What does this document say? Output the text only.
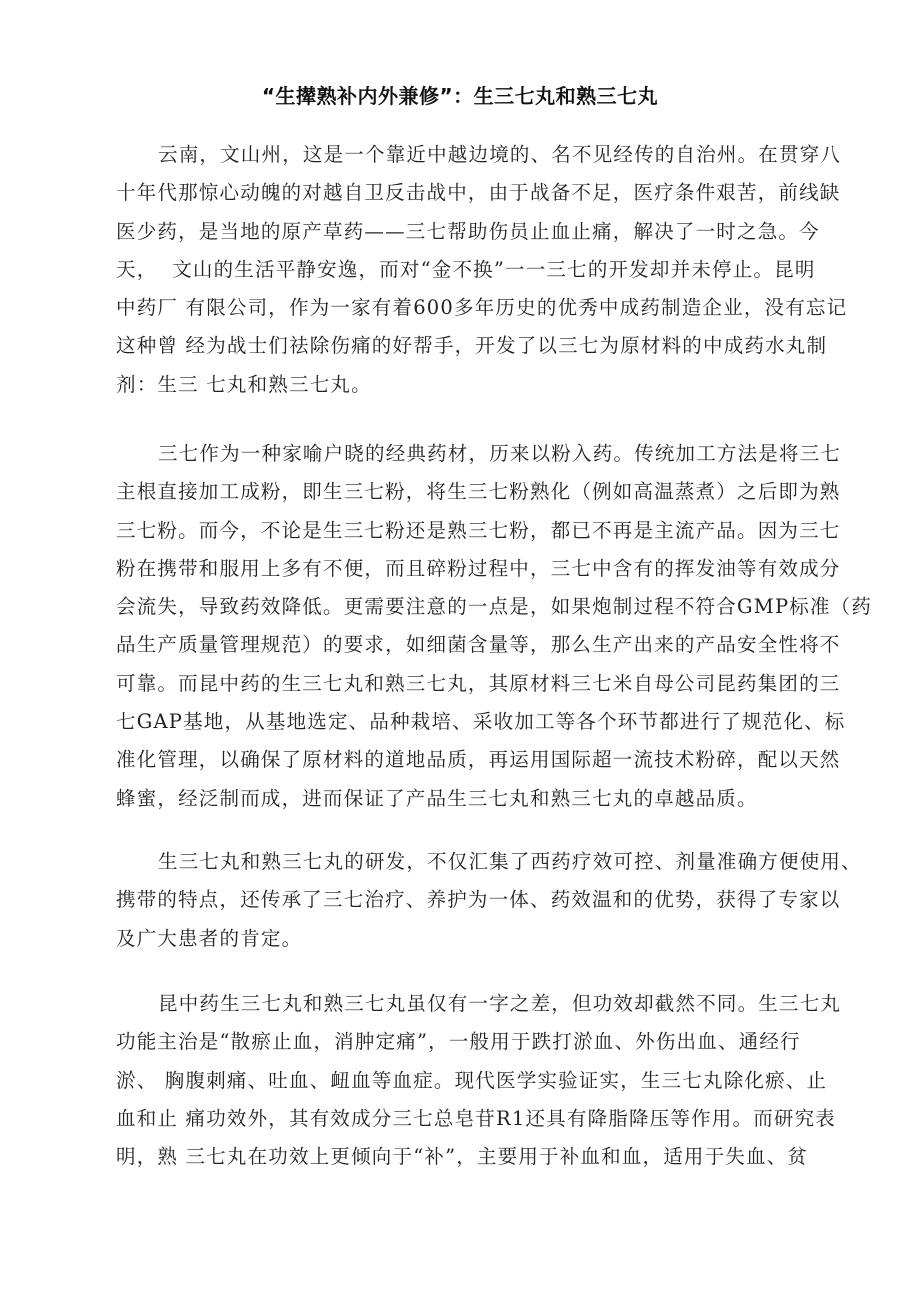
“生撵熟补内外兼修”：生三七丸和熟三七丸
云南，文山州，这是一个靠近中越边境的、名不见经传的自治州。在贯穿八
十年代那惊心动魄的对越自卫反击战中，由于战备不足，医疗条件艰苦，前线缺
医少药，是当地的原产草药——三七帮助伤员止血止痛，解决了一时之急。今
天，  文山的生活平静安逸，而对“金不换”一一三七的开发却并未停止。昆明
中药厂 有限公司，作为一家有着600多年历史的优秀中成药制造企业，没有忘记
这种曾 经为战士们祛除伤痛的好帮手，开发了以三七为原材料的中成药水丸制
剂：生三 七丸和熟三七丸。
三七作为一种家喻户晓的经典药材，历来以粉入药。传统加工方法是将三七
主根直接加工成粉，即生三七粉，将生三七粉熟化（例如高温蒸煮）之后即为熟
三七粉。而今，不论是生三七粉还是熟三七粉，都已不再是主流产品。因为三七
粉在携带和服用上多有不便，而且碎粉过程中，三七中含有的挥发油等有效成分
会流失，导致药效降低。更需要注意的一点是，如果炮制过程不符合GMP标准（药
品生产质量管理规范）的要求，如细菌含量等，那么生产出来的产品安全性将不
可靠。而昆中药的生三七丸和熟三七丸，其原材料三七米自母公司昆药集团的三
七GAP基地，从基地选定、品种栽培、采收加工等各个环节都进行了规范化、标
准化管理，以确保了原材料的道地品质，再运用国际超一流技术粉碎，配以天然
蜂蜜，经泛制而成，进而保证了产品生三七丸和熟三七丸的卓越品质。
生三七丸和熟三七丸的研发，不仅汇集了西药疗效可控、剂量准确方便使用、
携带的特点，还传承了三七治疗、养护为一体、药效温和的优势，获得了专家以
及广大患者的肯定。
昆中药生三七丸和熟三七丸虽仅有一字之差，但功效却截然不同。生三七丸
功能主治是“散瘀止血，消肿定痛”，一般用于跌打淤血、外伤出血、通经行
淤、 胸腹刺痛、吐血、衄血等血症。现代医学实验证实，生三七丸除化瘀、止
血和止 痛功效外，其有效成分三七总皂苷R1还具有降脂降压等作用。而研究表
明，熟 三七丸在功效上更倾向于“补”，主要用于补血和血，适用于失血、贫
